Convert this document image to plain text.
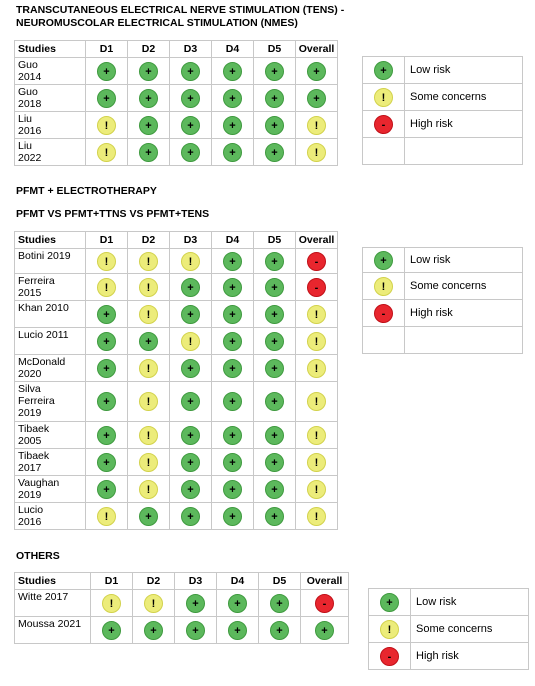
TRANSCUTANEOUS ELECTRICAL NERVE STIMULATION (TENS) -
NEUROMUSCOLAR ELECTRICAL STIMULATION (NMES)

Studies	D1	D2	D3	D4	D5	Overall
Guo
2014	+	+	+	+	+	+
Guo
2018	+	+	+	+	+	+
Liu
2016	!	+	+	+	+	!
Liu
2022	!	+	+	+	+	!
+	Low risk
!	Some concerns
-	High risk

PFMT + ELECTROTHERAPY

PFMT VS PFMT+TTNS VS PFMT+TENS

Studies	D1	D2	D3	D4	D5	Overall
Botini 2019	!	!	!	+	+	-
Ferreira
2015	!	!	+	+	+	-
Khan 2010	+	!	+	+	+	!
Lucio 2011	+	+	!	+	+	!
McDonald
2020	+	!	+	+	+	!
Silva
Ferreira
2019	+	!	+	+	+	!
Tibaek
2005	+	!	+	+	+	!
Tibaek
2017	+	!	+	+	+	!
Vaughan
2019	+	!	+	+	+	!
Lucio
2016	!	+	+	+	+	!
+	Low risk
!	Some concerns
-	High risk

OTHERS

Studies	D1	D2	D3	D4	D5	Overall
Witte 2017	!	!	+	+	+	-
Moussa 2021	+	+	+	+	+	+
+	Low risk
!	Some concerns
-	High risk
